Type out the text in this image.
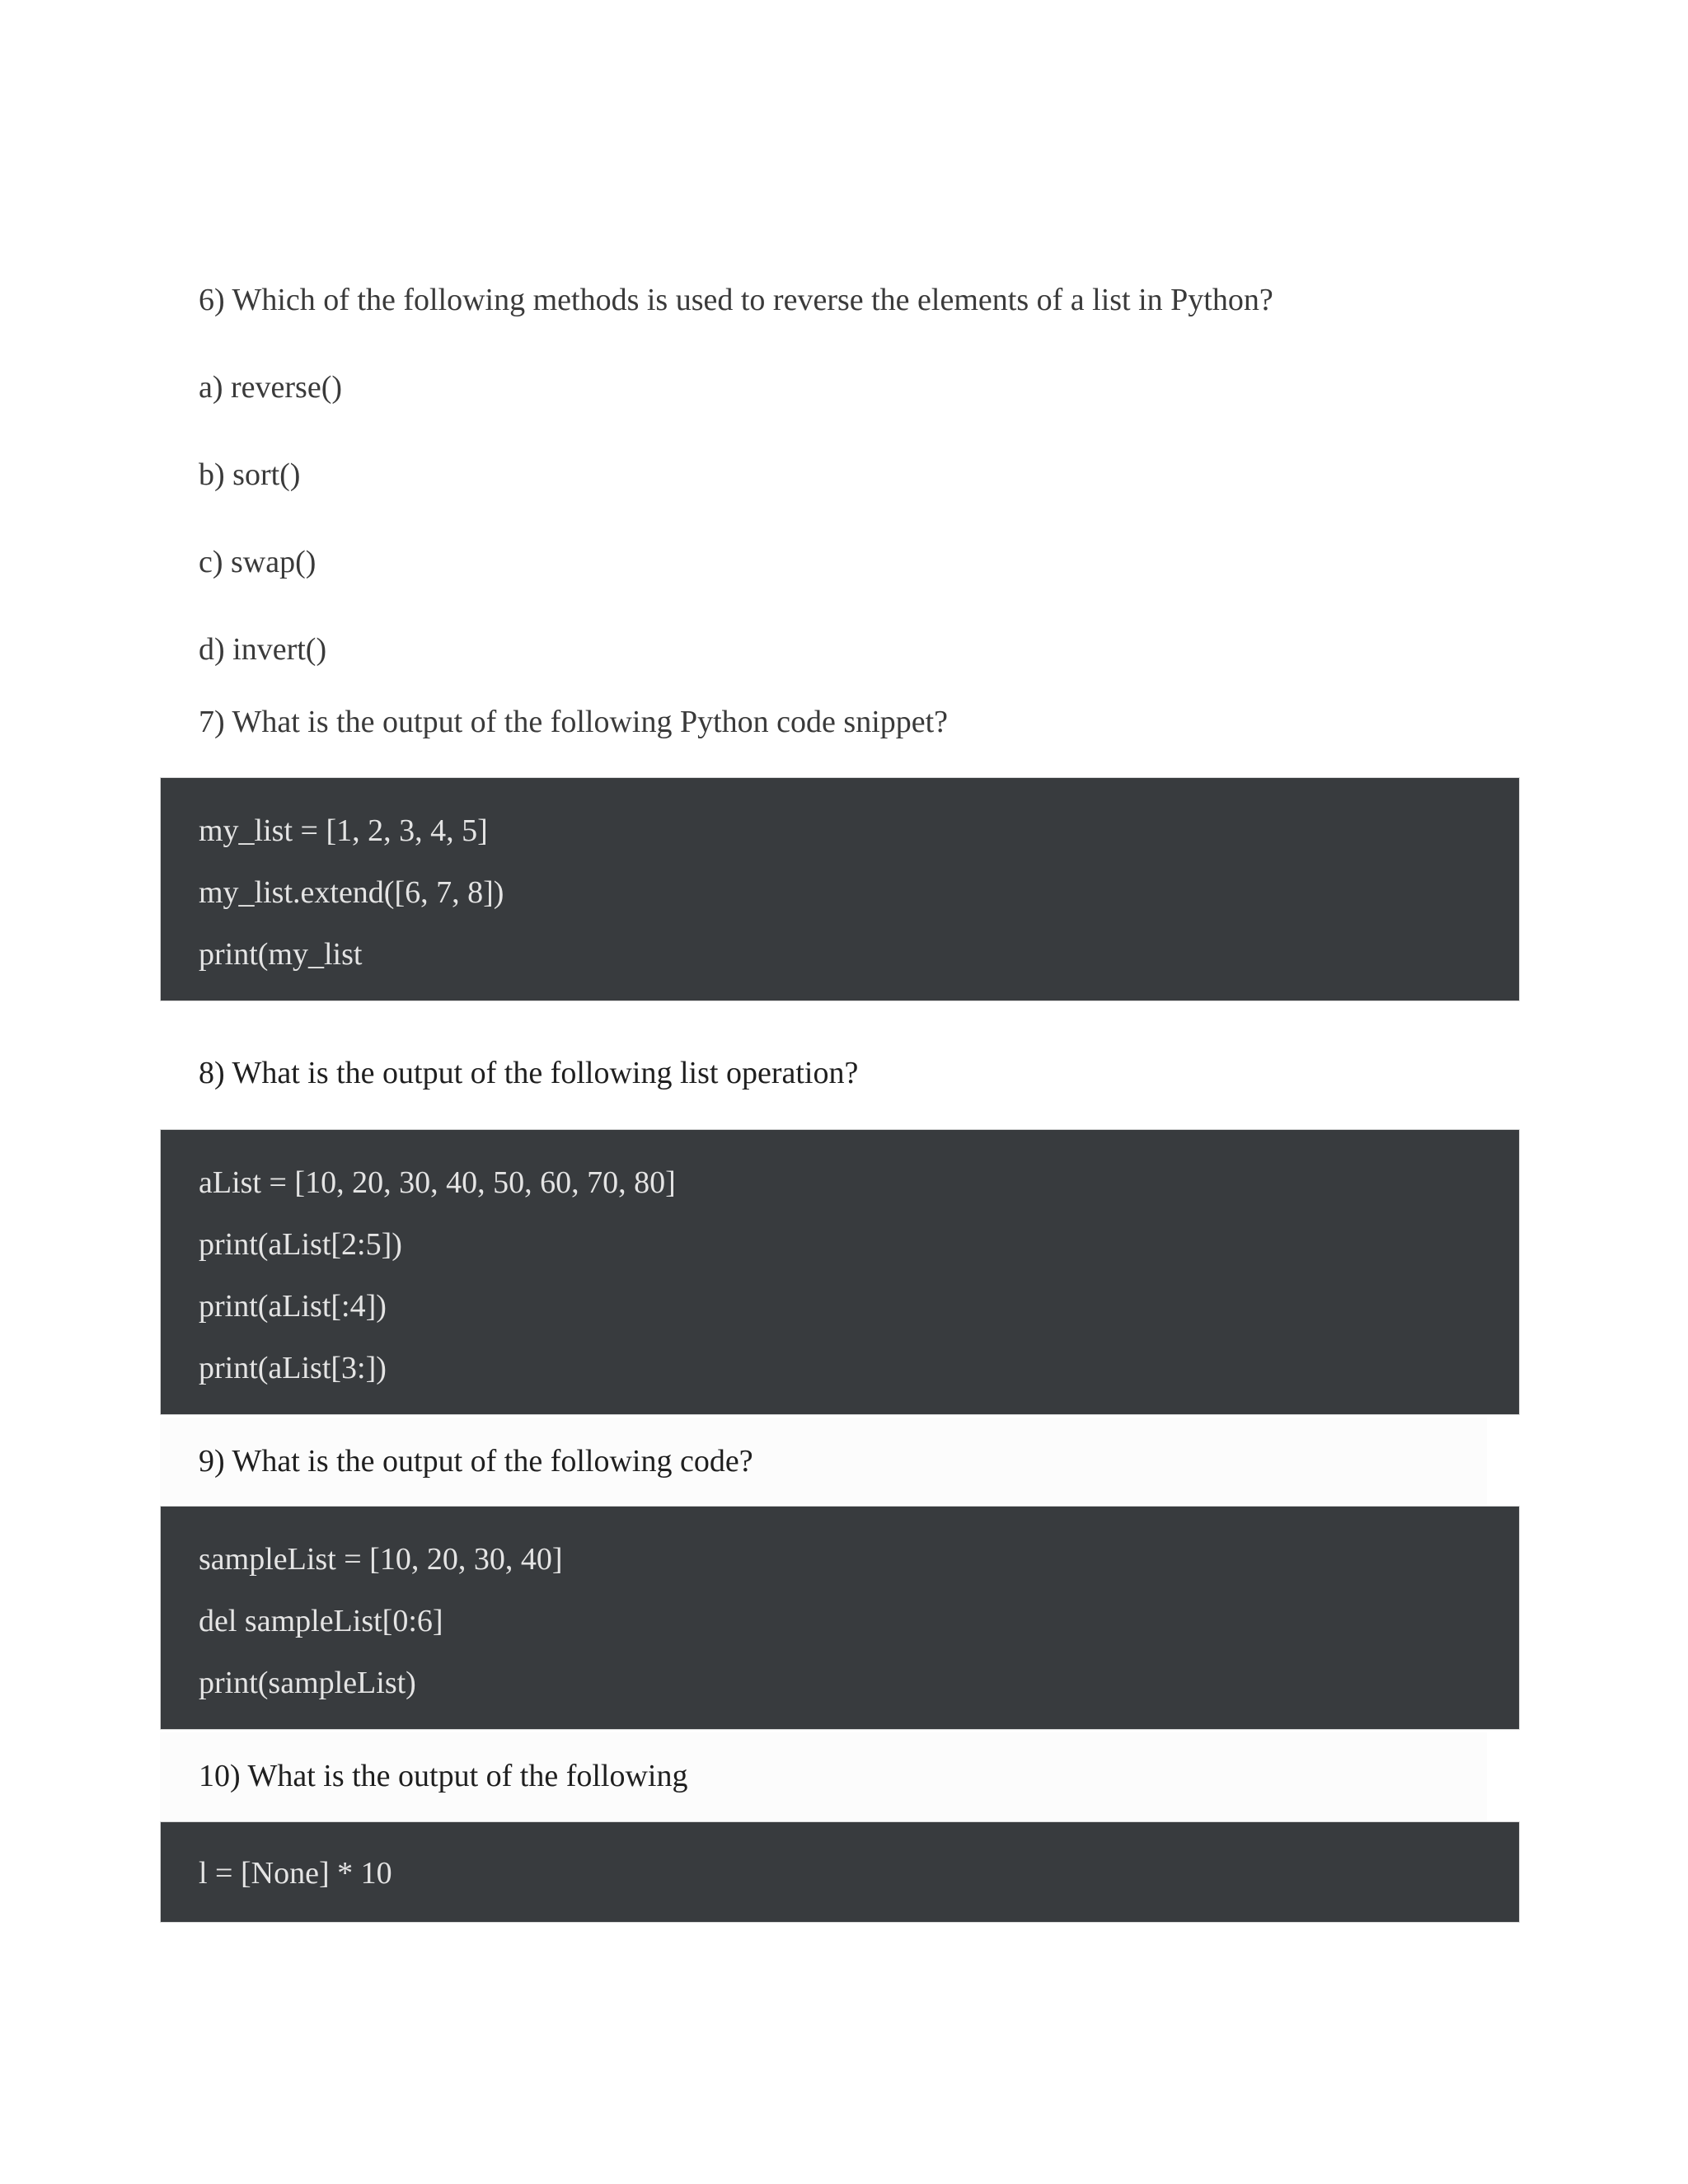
6) Which of the following methods is used to reverse the elements of a list in Python?
a) reverse()
b) sort()
c) swap()
d) invert()
7) What is the output of the following Python code snippet?
my_list = [1, 2, 3, 4, 5]
my_list.extend([6, 7, 8])
print(my_list
8) What is the output of the following list operation?
aList = [10, 20, 30, 40, 50, 60, 70, 80]
print(aList[2:5])
print(aList[:4])
print(aList[3:])
9) What is the output of the following code?
sampleList = [10, 20, 30, 40]
del sampleList[0:6]
print(sampleList)
10) What is the output of the following
l = [None] * 10
